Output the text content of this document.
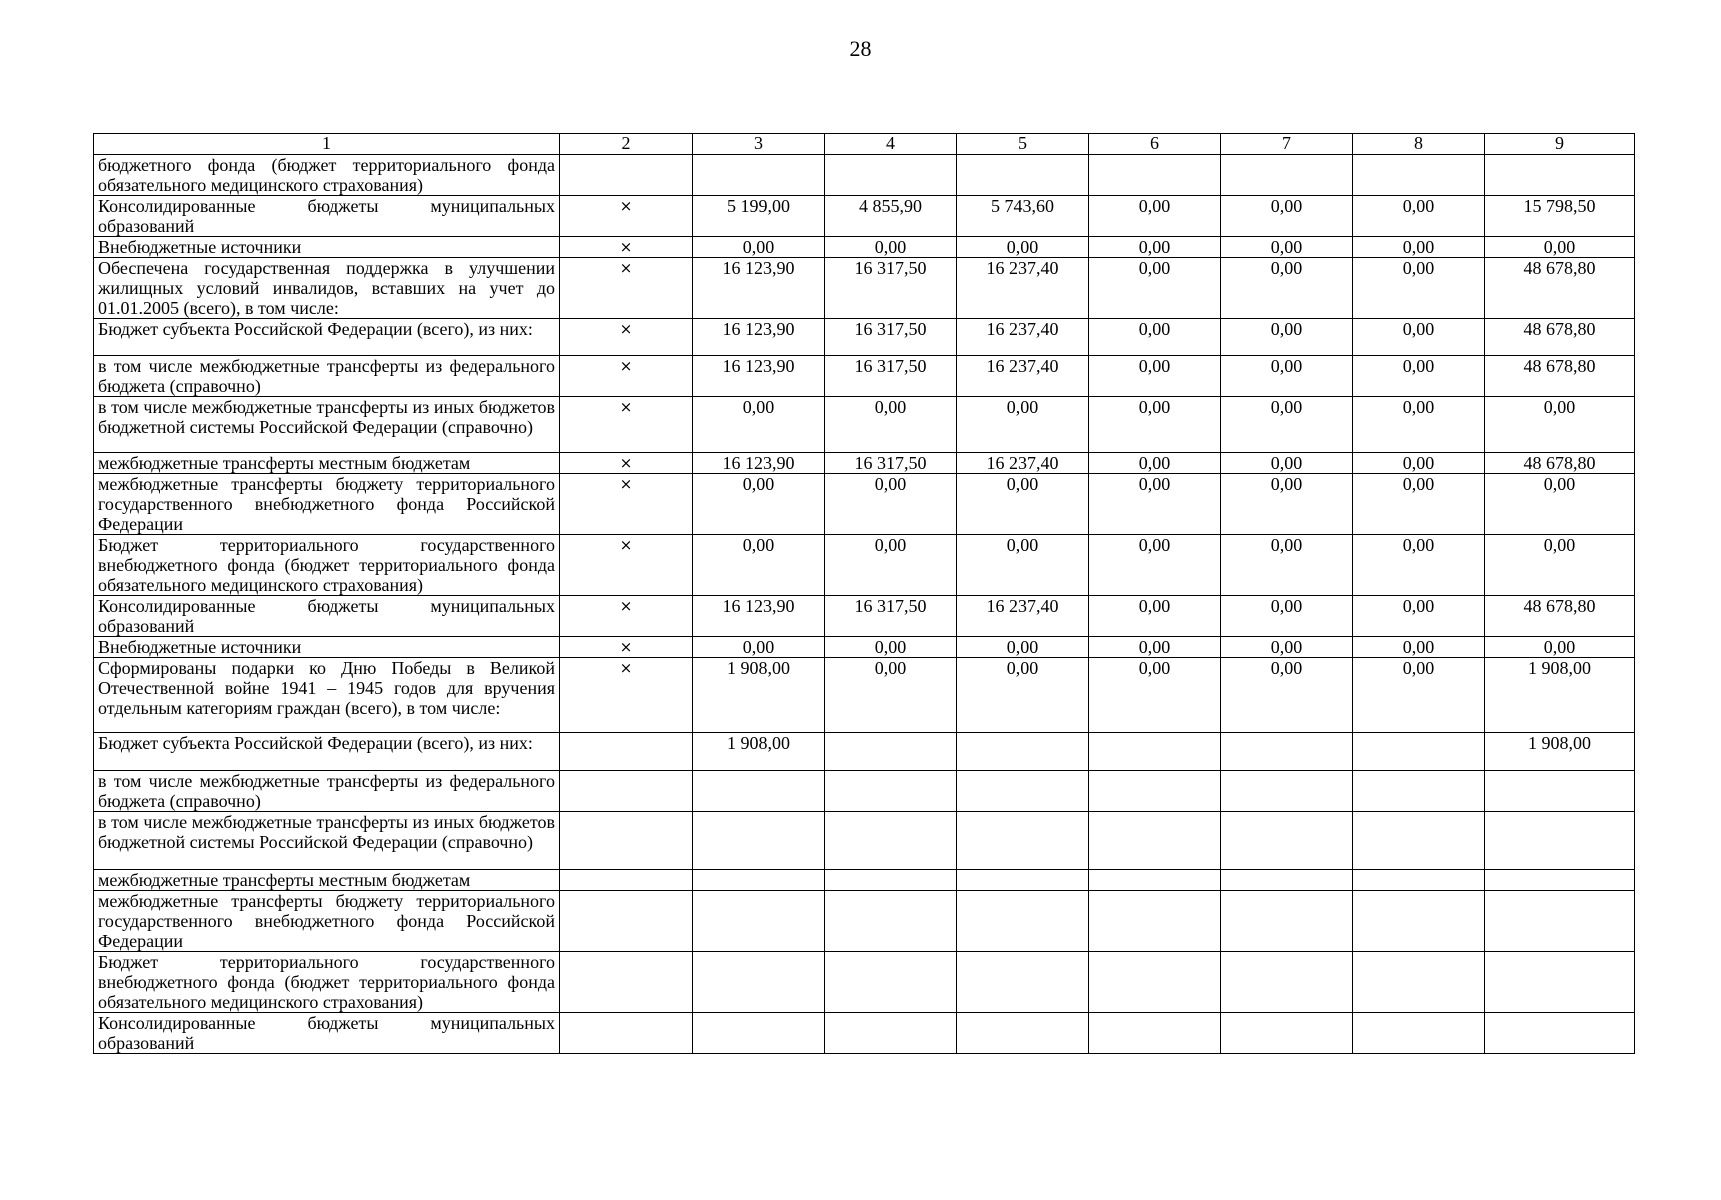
28
1	2	3	4	5	6	7	8	9
бюджетного фонда (бюджет территориального фонда обязательного медицинского страхования)								
Консолидированные бюджеты муниципальных образований	×	5 199,00	4 855,90	5 743,60	0,00	0,00	0,00	15 798,50
Внебюджетные источники	×	0,00	0,00	0,00	0,00	0,00	0,00	0,00
Обеспечена государственная поддержка в улучшении жилищных условий инвалидов, вставших на учет до 01.01.2005 (всего), в том числе:	×	16 123,90	16 317,50	16 237,40	0,00	0,00	0,00	48 678,80
Бюджет субъекта Российской Федерации (всего), из них:	×	16 123,90	16 317,50	16 237,40	0,00	0,00	0,00	48 678,80
в том числе межбюджетные трансферты из федерального бюджета (справочно)	×	16 123,90	16 317,50	16 237,40	0,00	0,00	0,00	48 678,80
в том числе межбюджетные трансферты из иных бюджетов бюджетной системы Российской Федерации (справочно)	×	0,00	0,00	0,00	0,00	0,00	0,00	0,00
межбюджетные трансферты местным бюджетам	×	16 123,90	16 317,50	16 237,40	0,00	0,00	0,00	48 678,80
межбюджетные трансферты бюджету территориального государственного внебюджетного фонда Российской Федерации	×	0,00	0,00	0,00	0,00	0,00	0,00	0,00
Бюджет территориального государственного внебюджетного фонда (бюджет территориального фонда обязательного медицинского страхования)	×	0,00	0,00	0,00	0,00	0,00	0,00	0,00
Консолидированные бюджеты муниципальных образований	×	16 123,90	16 317,50	16 237,40	0,00	0,00	0,00	48 678,80
Внебюджетные источники	×	0,00	0,00	0,00	0,00	0,00	0,00	0,00
Сформированы подарки ко Дню Победы в Великой Отечественной войне 1941 – 1945 годов для вручения отдельным категориям граждан (всего), в том числе:	×	1 908,00	0,00	0,00	0,00	0,00	0,00	1 908,00
Бюджет субъекта Российской Федерации (всего), из них:		1 908,00						1 908,00
в том числе межбюджетные трансферты из федерального бюджета (справочно)								
в том числе межбюджетные трансферты из иных бюджетов бюджетной системы Российской Федерации (справочно)								
межбюджетные трансферты местным бюджетам								
межбюджетные трансферты бюджету территориального государственного внебюджетного фонда Российской Федерации								
Бюджет территориального государственного внебюджетного фонда (бюджет территориального фонда обязательного медицинского страхования)								
Консолидированные бюджеты муниципальных образований								
